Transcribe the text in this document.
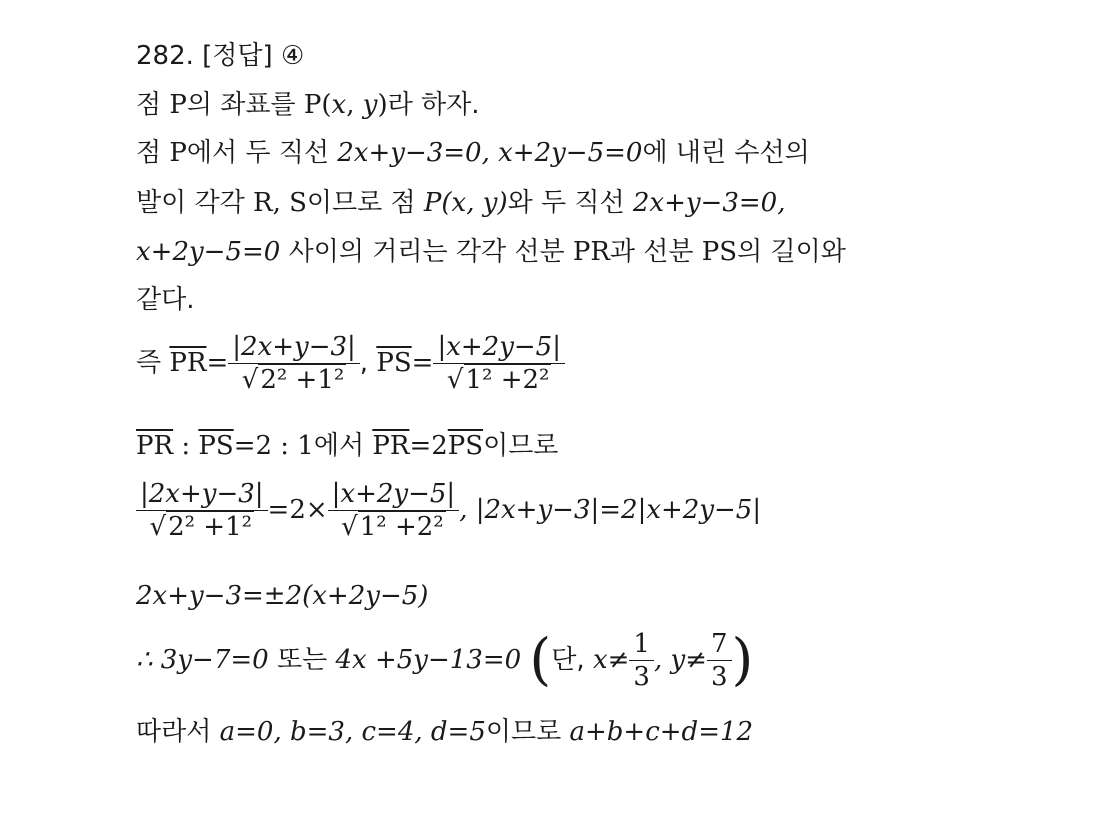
282. [정답] ④
점 P의 좌표를 P(x, y)라 하자.
점 P에서 두 직선 2x+y−3=0, x+2y−5=0에 내린 수선의
발이 각각 R, S이므로 점 P(x, y)와 두 직선 2x+y−3=0,
x+2y−5=0 사이의 거리는 각각 선분 PR과 선분 PS의 길이와
같다.
즉 $\overline{PR}= \frac{|2x+y-3|}{\text{√2² +1²}}$ , $\overline{PS}= \frac{|x+2y-5|}{\text{√1² +2²}}$
$\overline{PR}$ : $\overline{PS}=2$ : 1에서 $\overline{PR}=2\overline{PS}$이므로
$\frac{|2x+y-3|}{\text{√2² +1²}} =2\times \frac{|x+2y-5|}{\text{√1² +2²}}$ , |2x+y−3|=2|x+2y−5|
2x+y−3=±2(x+2y−5)
∴ 3y−7=0 또는 4x +5y−13=0 (단, $x\ne \frac{1}{3}$ , $y\ne \frac{7}{3}$ )
따라서 a=0, b=3, c=4, d=5이므로 a+b+c+d=12
